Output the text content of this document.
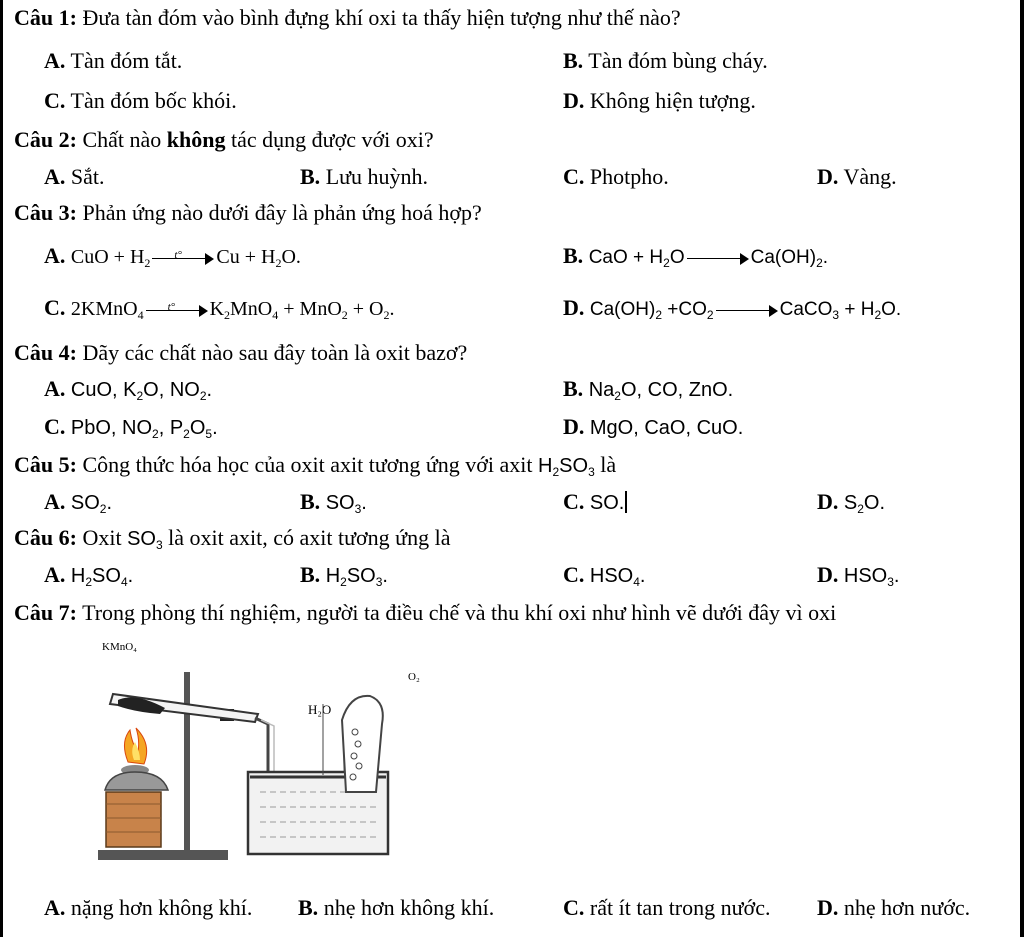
Câu 1: Đưa tàn đóm vào bình đựng khí oxi ta thấy hiện tượng như thế nào?
A. Tàn đóm tắt.	B. Tàn đóm bùng cháy.
C. Tàn đóm bốc khói.	D. Không hiện tượng.
Câu 2: Chất nào không tác dụng được với oxi?
A. Sắt.	B. Lưu huỳnh.	C. Photpho.	D. Vàng.
Câu 3: Phản ứng nào dưới đây là phản ứng hoá hợp?
A. CuO + $H_2$
t° $Cu + H_2O$.	B. CaO + $H_2O$	$Ca(OH)_2$.
C. 2KMnO$_4$
t° $K_2MnO_4 + MnO_2 + O_2$.	D. $Ca(OH)_2 +CO_2$	CaCO$_3$ + $H_2O$.
Câu 4: Dãy các chất nào sau đây toàn là oxit bazơ?
A. CuO, $K_2O$, $NO_2$.	B. $Na_2O$, CO, ZnO.
C. PbO, $NO_2$, $P_2O_5$.	D. MgO, CaO, CuO.
Câu 5: Công thức hóa học của oxit axit tương ứng với axit $H_2SO_3$ là
A. $SO_2$.	B. $SO_3$.	C. SO.	D. $S_2O$.
Câu 6: Oxit $SO_3$ là oxit axit, có axit tương ứng là
A. $H_2SO_4$.	B. $H_2SO_3$.	C. $HSO_4$.	D. $HSO_3$.
Câu 7: Trong phòng thí nghiệm, người ta điều chế và thu khí oxi như hình vẽ dưới đây vì oxi
KMnO₄
O₂
H₂O
A. nặng hơn không khí. B. nhẹ hơn không khí.	C. rất ít tan trong nước. D. nhẹ hơn nước.
